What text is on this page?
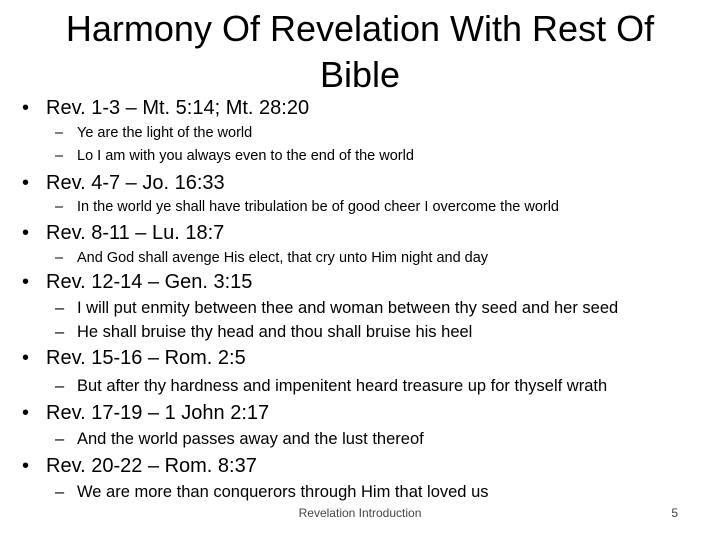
Harmony Of Revelation With Rest Of Bible
• Rev. 1-3 – Mt. 5:14; Mt. 28:20
– Ye are the light of the world
– Lo I am with you always even to the end of the world
• Rev. 4-7 – Jo. 16:33
– In the world ye shall have tribulation be of good cheer I overcome the world
• Rev. 8-11 – Lu. 18:7
– And God shall avenge His elect, that cry unto Him night and day
• Rev. 12-14 – Gen. 3:15
– I will put enmity between thee and woman between thy seed and her seed
– He shall bruise thy head and thou shall bruise his heel
• Rev. 15-16 – Rom. 2:5
– But after thy hardness and impenitent heard treasure up for thyself wrath
• Rev. 17-19 – 1 John 2:17
– And the world passes away and the lust thereof
• Rev. 20-22 – Rom. 8:37
– We are more than conquerors through Him that loved us
Revelation Introduction	5
